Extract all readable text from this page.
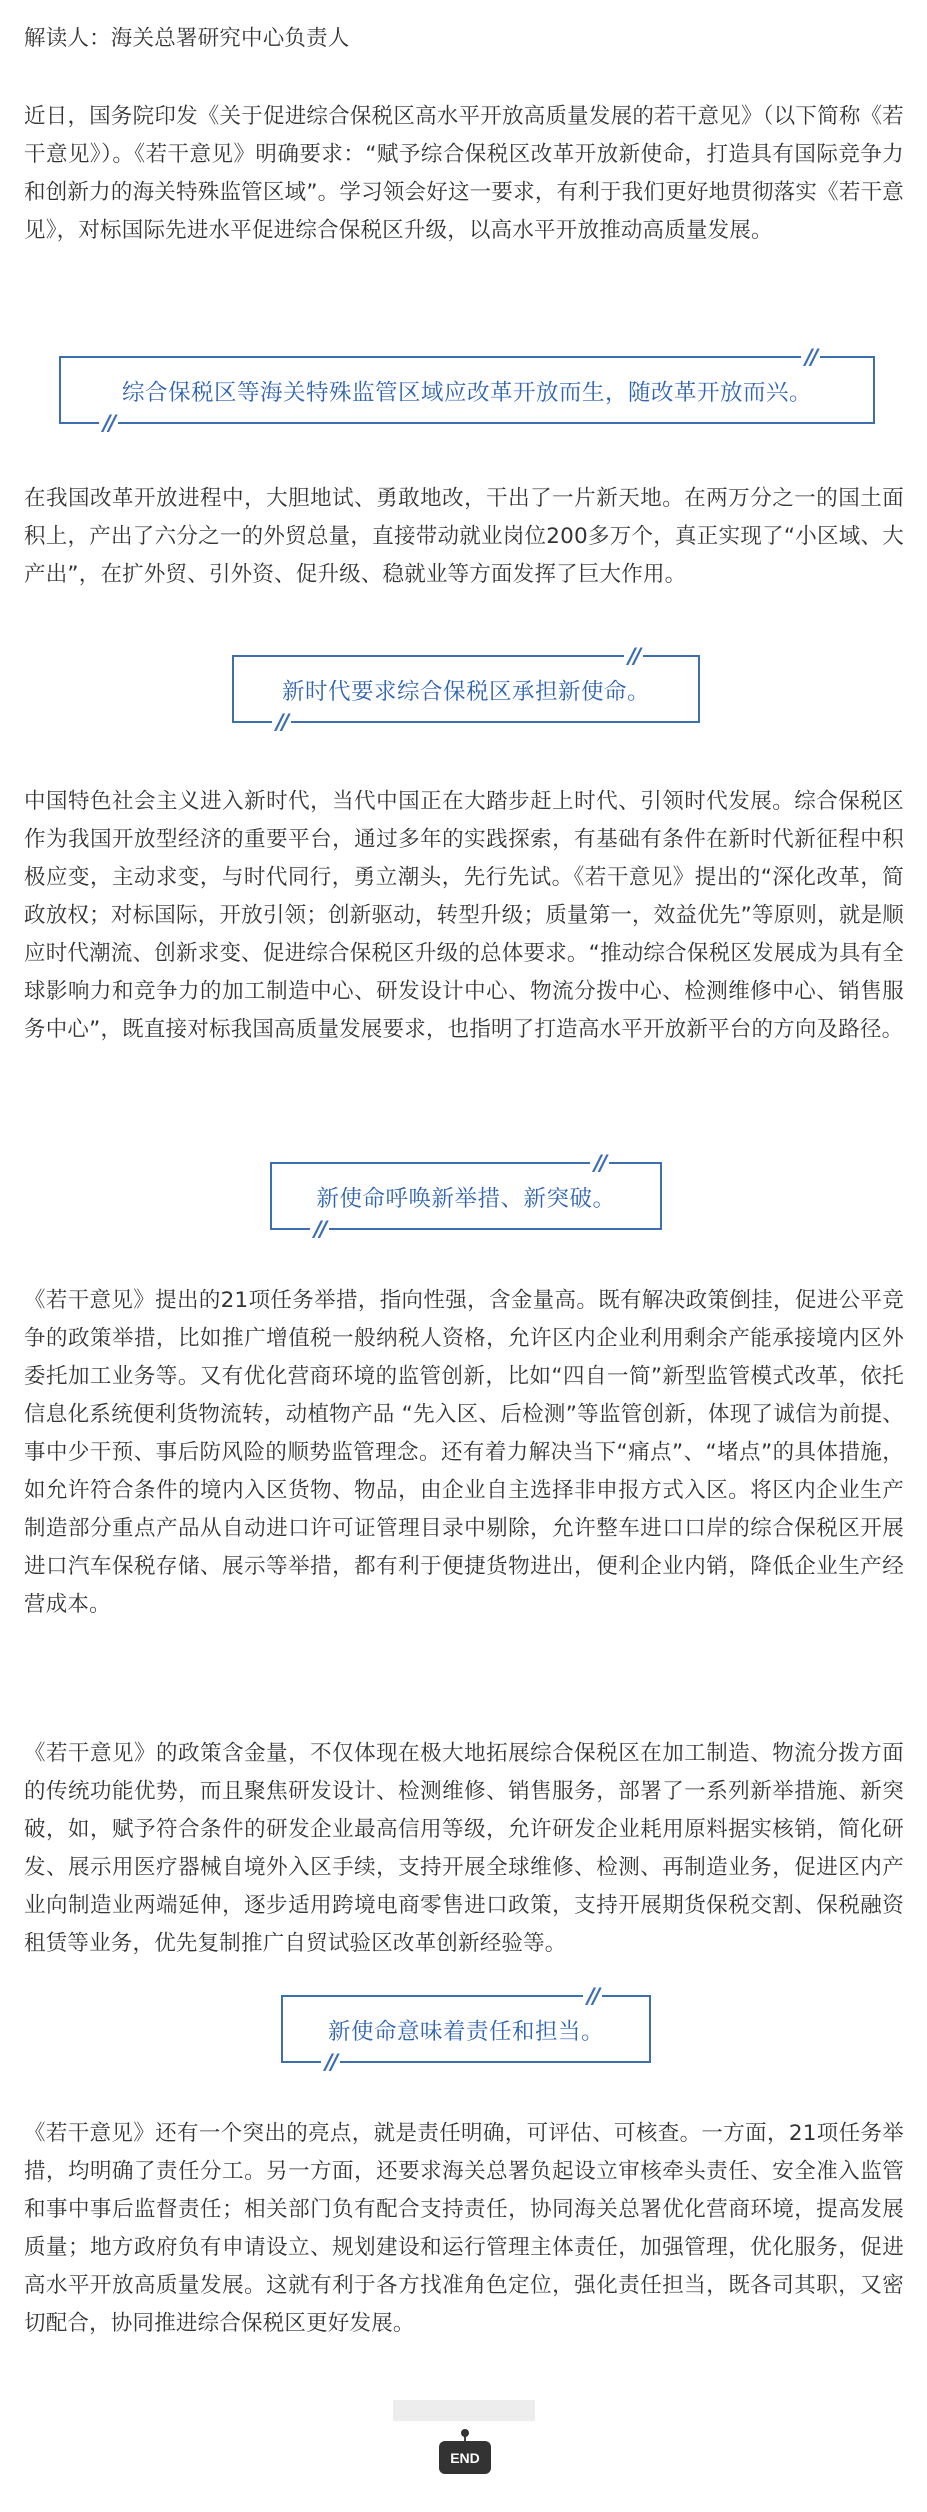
解读人：海关总署研究中心负责人

近日，国务院印发《关于促进综合保税区高水平开放高质量发展的若干意见》（以下简称《若干意见》）。《若干意见》明确要求：“赋予综合保税区改革开放新使命，打造具有国际竞争力和创新力的海关特殊监管区域”。学习领会好这一要求，有利于我们更好地贯彻落实《若干意见》，对标国际先进水平促进综合保税区升级，以高水平开放推动高质量发展。

//
综合保税区等海关特殊监管区域应改革开放而生，随改革开放而兴。
//

在我国改革开放进程中，大胆地试、勇敢地改，干出了一片新天地。在两万分之一的国土面积上，产出了六分之一的外贸总量，直接带动就业岗位200多万个，真正实现了“小区域、大产出”，在扩外贸、引外资、促升级、稳就业等方面发挥了巨大作用。

//
新时代要求综合保税区承担新使命。
//

中国特色社会主义进入新时代，当代中国正在大踏步赶上时代、引领时代发展。综合保税区作为我国开放型经济的重要平台，通过多年的实践探索，有基础有条件在新时代新征程中积极应变，主动求变，与时代同行，勇立潮头，先行先试。《若干意见》提出的“深化改革，简政放权；对标国际，开放引领；创新驱动，转型升级；质量第一，效益优先”等原则，就是顺应时代潮流、创新求变、促进综合保税区升级的总体要求。“推动综合保税区发展成为具有全球影响力和竞争力的加工制造中心、研发设计中心、物流分拨中心、检测维修中心、销售服务中心”，既直接对标我国高质量发展要求，也指明了打造高水平开放新平台的方向及路径。

//
新使命呼唤新举措、新突破。
//

《若干意见》提出的21项任务举措，指向性强，含金量高。既有解决政策倒挂，促进公平竞争的政策举措，比如推广增值税一般纳税人资格，允许区内企业利用剩余产能承接境内区外委托加工业务等。又有优化营商环境的监管创新，比如“四自一简”新型监管模式改革，依托信息化系统便利货物流转，动植物产品 “先入区、后检测”等监管创新，体现了诚信为前提、事中少干预、事后防风险的顺势监管理念。还有着力解决当下“痛点”、“堵点”的具体措施，如允许符合条件的境内入区货物、物品，由企业自主选择非申报方式入区。将区内企业生产制造部分重点产品从自动进口许可证管理目录中剔除，允许整车进口口岸的综合保税区开展进口汽车保税存储、展示等举措，都有利于便捷货物进出，便利企业内销，降低企业生产经营成本。

《若干意见》的政策含金量，不仅体现在极大地拓展综合保税区在加工制造、物流分拨方面的传统功能优势，而且聚焦研发设计、检测维修、销售服务，部署了一系列新举措施、新突破，如，赋予符合条件的研发企业最高信用等级，允许研发企业耗用原料据实核销，简化研发、展示用医疗器械自境外入区手续，支持开展全球维修、检测、再制造业务，促进区内产业向制造业两端延伸，逐步适用跨境电商零售进口政策，支持开展期货保税交割、保税融资租赁等业务，优先复制推广自贸试验区改革创新经验等。

//
新使命意味着责任和担当。
//

《若干意见》还有一个突出的亮点，就是责任明确，可评估、可核查。一方面，21项任务举措，均明确了责任分工。另一方面，还要求海关总署负起设立审核牵头责任、安全准入监管和事中事后监督责任；相关部门负有配合支持责任，协同海关总署优化营商环境，提高发展质量；地方政府负有申请设立、规划建设和运行管理主体责任，加强管理，优化服务，促进高水平开放高质量发展。这就有利于各方找准角色定位，强化责任担当，既各司其职，又密切配合，协同推进综合保税区更好发展。

END
